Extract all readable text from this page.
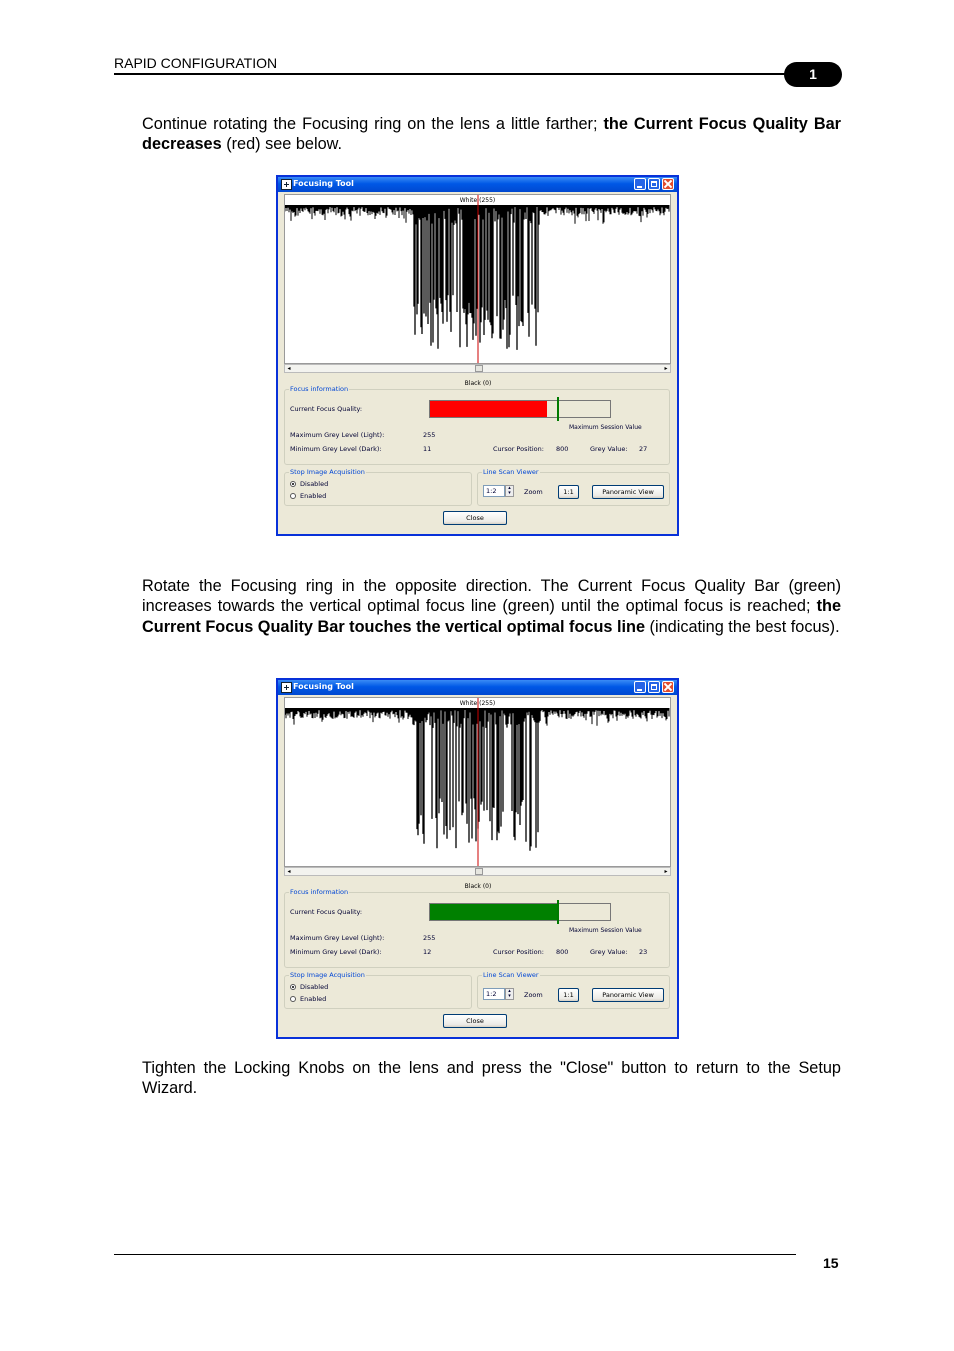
RAPID CONFIGURATION
1
Continue rotating the Focusing ring on the lens a little farther; the Current Focus Quality Bar decreases (red) see below.
Rotate the Focusing ring in the opposite direction. The Current Focus Quality Bar (green) increases towards the vertical optimal focus line (green) until the optimal focus is reached; the Current Focus Quality Bar touches the vertical optimal focus line (indicating the best focus).
Tighten the Locking Knobs on the lens and press the "Close" button to return to the Setup Wizard.
15
Focusing Tool
White (255)
◂	▸
Black (0)
Focus information
Current Focus Quality:
Maximum Session Value
Maximum Grey Level (Light):	255
Minimum Grey Level (Dark):	11	Cursor Position: 800	Grey Value: 27
Stop Image Acquisition
Disabled
Enabled
Line Scan Viewer
1:2	▴
▾	Zoom	1:1	Panoramic View
Close
Focusing Tool
White (255)
◂	▸
Black (0)
Focus information
Current Focus Quality:
Maximum Session Value
Maximum Grey Level (Light):	255
Minimum Grey Level (Dark):	12	Cursor Position: 800	Grey Value: 23
Stop Image Acquisition
Disabled
Enabled
Line Scan Viewer
1:2	▴
▾	Zoom	1:1	Panoramic View
Close
